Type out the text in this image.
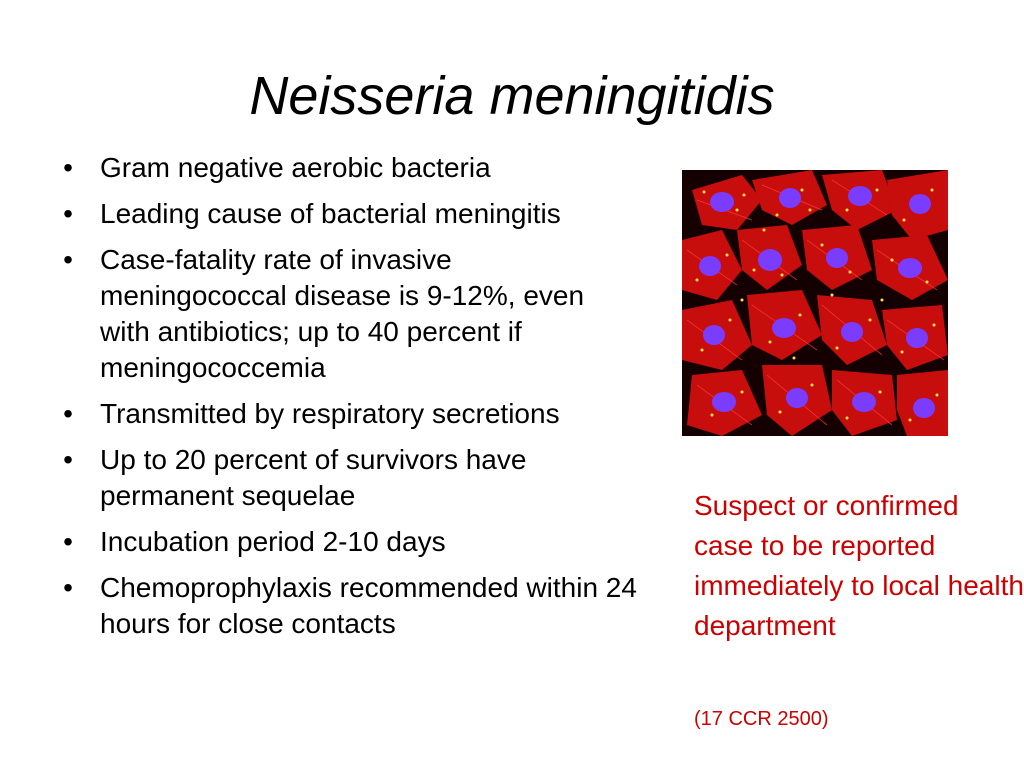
Neisseria meningitidis
• Gram negative aerobic bacteria
• Leading cause of bacterial meningitis
• Case-fatality rate of invasive meningococcal disease is 9-12%, even with antibiotics; up to 40 percent if meningococcemia
• Transmitted by respiratory secretions
• Up to 20 percent of survivors have permanent sequelae
• Incubation period 2-10 days
• Chemoprophylaxis recommended within 24 hours for close contacts

Suspect or confirmed case to be reported immediately to local health department

(17 CCR 2500)
